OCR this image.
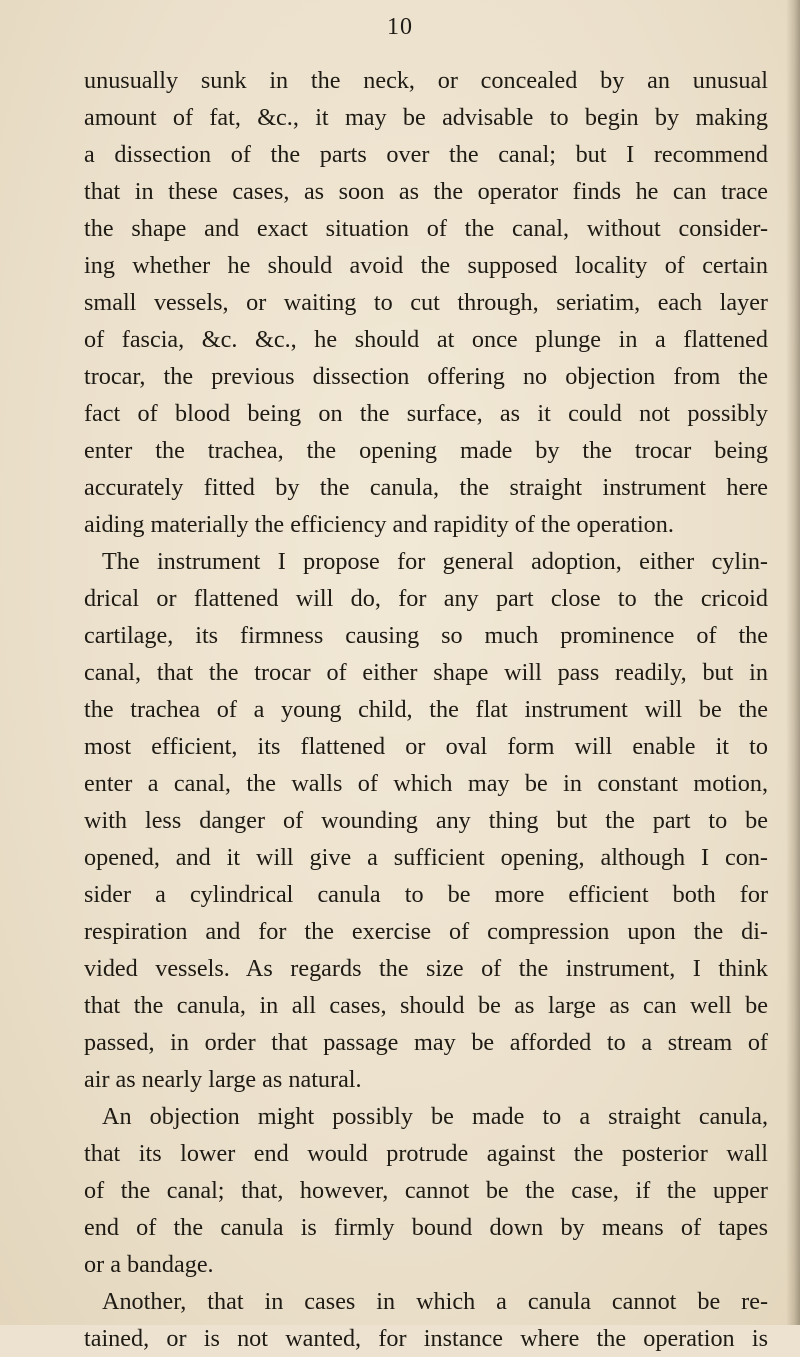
10
unusually sunk in the neck, or concealed by an unusual
amount of fat, &c., it may be advisable to begin by making
a dissection of the parts over the canal; but I recommend
that in these cases, as soon as the operator finds he can trace
the shape and exact situation of the canal, without consider-
ing whether he should avoid the supposed locality of certain
small vessels, or waiting to cut through, seriatim, each layer
of fascia, &c. &c., he should at once plunge in a flattened
trocar, the previous dissection offering no objection from the
fact of blood being on the surface, as it could not possibly
enter the trachea, the opening made by the trocar being
accurately fitted by the canula, the straight instrument here
aiding materially the efficiency and rapidity of the operation.
The instrument I propose for general adoption, either cylin-
drical or flattened will do, for any part close to the cricoid
cartilage, its firmness causing so much prominence of the
canal, that the trocar of either shape will pass readily, but in
the trachea of a young child, the flat instrument will be the
most efficient, its flattened or oval form will enable it to
enter a canal, the walls of which may be in constant motion,
with less danger of wounding any thing but the part to be
opened, and it will give a sufficient opening, although I con-
sider a cylindrical canula to be more efficient both for
respiration and for the exercise of compression upon the di-
vided vessels. As regards the size of the instrument, I think
that the canula, in all cases, should be as large as can well be
passed, in order that passage may be afforded to a stream of
air as nearly large as natural.
An objection might possibly be made to a straight canula,
that its lower end would protrude against the posterior wall
of the canal; that, however, cannot be the case, if the upper
end of the canula is firmly bound down by means of tapes
or a bandage.
Another, that in cases in which a canula cannot be re-
tained, or is not wanted, for instance where the operation is
